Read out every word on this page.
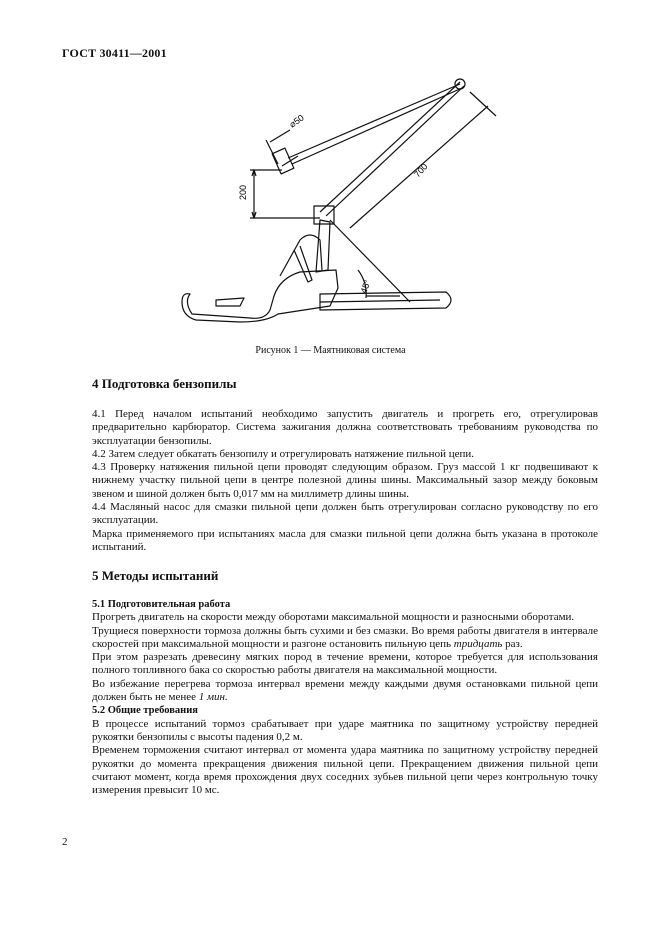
ГОСТ 30411—2001
⌀50
200
700
45°
Рисунок 1 — Маятниковая система
4 Подготовка бензопилы

4.1 Перед началом испытаний необходимо запустить двигатель и прогреть его, отрегулировав предварительно карбюратор. Система зажигания должна соответствовать требованиям руководства по эксплуатации бензопилы.

4.2 Затем следует обкатать бензопилу и отрегулировать натяжение пильной цепи.

4.3 Проверку натяжения пильной цепи проводят следующим образом. Груз массой 1 кг подвешивают к нижнему участку пильной цепи в центре полезной длины шины. Максимальный зазор между боковым звеном и шиной должен быть 0,017 мм на миллиметр длины шины.

4.4 Масляный насос для смазки пильной цепи должен быть отрегулирован согласно руководству по его эксплуатации.

Марка применяемого при испытаниях масла для смазки пильной цепи должна быть указана в протоколе испытаний.

5 Методы испытаний

5.1 Подготовительная работа

Прогреть двигатель на скорости между оборотами максимальной мощности и разносными оборотами.

Трущиеся поверхности тормоза должны быть сухими и без смазки. Во время работы двигателя в интервале скоростей при максимальной мощности и разгоне остановить пильную цепь тридцать раз.

При этом разрезать древесину мягких пород в течение времени, которое требуется для использования полного топливного бака со скоростью работы двигателя на максимальной мощности.

Во избежание перегрева тормоза интервал времени между каждыми двумя остановками пильной цепи должен быть не менее 1 мин.

5.2 Общие требования

В процессе испытаний тормоз срабатывает при ударе маятника по защитному устройству передней рукоятки бензопилы с высоты падения 0,2 м.

Временем торможения считают интервал от момента удара маятника по защитному устройству передней рукоятки до момента прекращения движения пильной цепи. Прекращением движения пильной цепи считают момент, когда время прохождения двух соседних зубьев пильной цепи через контрольную точку измерения превысит 10 мс.

2
